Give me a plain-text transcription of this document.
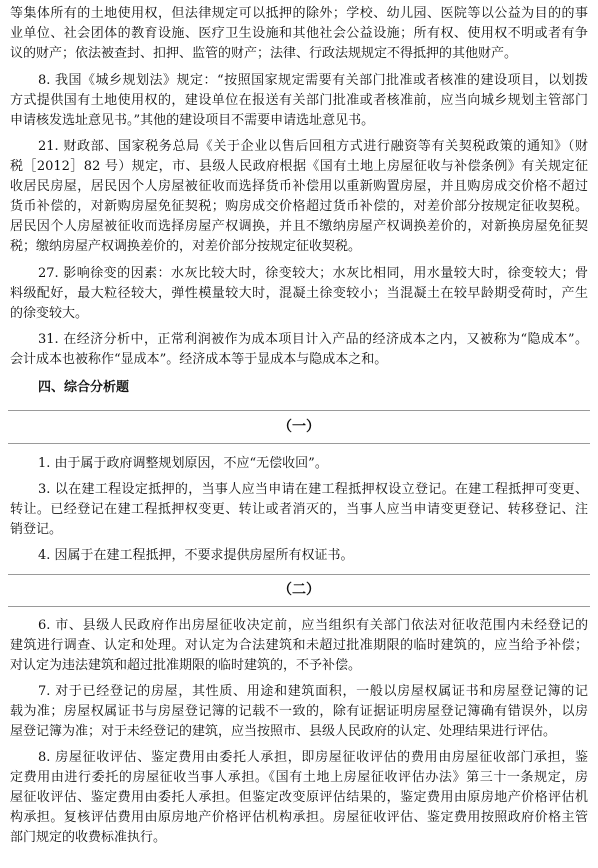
等集体所有的土地使用权，但法律规定可以抵押的除外；学校、幼儿园、医院等以公益为目的的事
业单位、社会团体的教育设施、医疗卫生设施和其他社会公益设施；所有权、使用权不明或者有争
议的财产；依法被查封、扣押、监管的财产；法律、行政法规规定不得抵押的其他财产。
8. 我国《城乡规划法》规定：“按照国家规定需要有关部门批准或者核准的建设项目，以划拨
方式提供国有土地使用权的，建设单位在报送有关部门批准或者核准前，应当向城乡规划主管部门
申请核发选址意见书。”其他的建设项目不需要申请选址意见书。
21. 财政部、国家税务总局《关于企业以售后回租方式进行融资等有关契税政策的通知》（财
税［2012］82 号）规定，市、县级人民政府根据《国有土地上房屋征收与补偿条例》有关规定征
收居民房屋，居民因个人房屋被征收而选择货币补偿用以重新购置房屋，并且购房成交价格不超过
货币补偿的，对新购房屋免征契税；购房成交价格超过货币补偿的，对差价部分按规定征收契税。
居民因个人房屋被征收而选择房屋产权调换，并且不缴纳房屋产权调换差价的，对新换房屋免征契
税；缴纳房屋产权调换差价的，对差价部分按规定征收契税。
27. 影响徐变的因素：水灰比较大时，徐变较大；水灰比相同，用水量较大时，徐变较大；骨
料级配好，最大粒径较大，弹性模量较大时，混凝土徐变较小；当混凝土在较早龄期受荷时，产生
的徐变较大。
31. 在经济分析中，正常利润被作为成本项目计入产品的经济成本之内，又被称为“隐成本”。
会计成本也被称作“显成本”。经济成本等于显成本与隐成本之和。
四、综合分析题
（一）
1. 由于属于政府调整规划原因，不应“无偿收回”。
3. 以在建工程设定抵押的，当事人应当申请在建工程抵押权设立登记。在建工程抵押可变更、
转让。已经登记在建工程抵押权变更、转让或者消灭的，当事人应当申请变更登记、转移登记、注
销登记。
4. 因属于在建工程抵押，不要求提供房屋所有权证书。
（二）
6. 市、县级人民政府作出房屋征收决定前，应当组织有关部门依法对征收范围内未经登记的
建筑进行调查、认定和处理。对认定为合法建筑和未超过批准期限的临时建筑的，应当给予补偿；
对认定为违法建筑和超过批准期限的临时建筑的，不予补偿。
7. 对于已经登记的房屋，其性质、用途和建筑面积，一般以房屋权属证书和房屋登记簿的记
载为准；房屋权属证书与房屋登记簿的记载不一致的，除有证据证明房屋登记簿确有错误外，以房
屋登记簿为准；对于未经登记的建筑，应当按照市、县级人民政府的认定、处理结果进行评估。
8. 房屋征收评估、鉴定费用由委托人承担，即房屋征收评估的费用由房屋征收部门承担，鉴
定费用由进行委托的房屋征收当事人承担。《国有土地上房屋征收评估办法》第三十一条规定，房
屋征收评估、鉴定费用由委托人承担。但鉴定改变原评估结果的，鉴定费用由原房地产价格评估机
构承担。复核评估费用由原房地产价格评估机构承担。房屋征收评估、鉴定费用按照政府价格主管
部门规定的收费标准执行。
